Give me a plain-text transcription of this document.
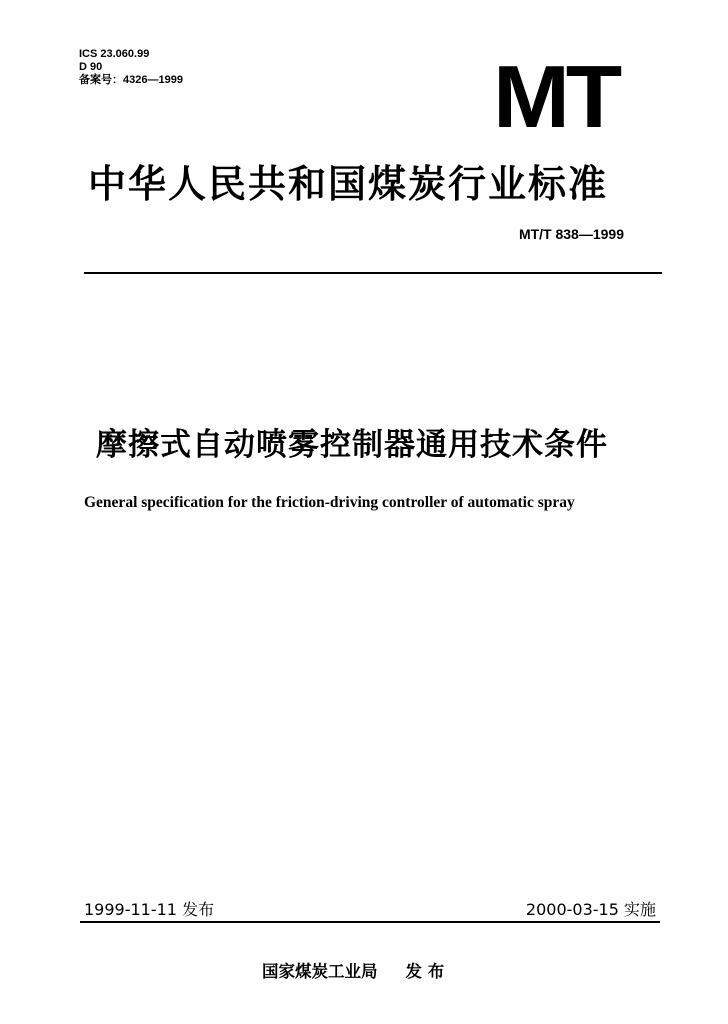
ICS 23.060.99
D 90
备案号：4326—1999	MT
中华人民共和国煤炭行业标准
MT/T 838—1999
摩擦式自动喷雾控制器通用技术条件
General specification for the friction-driving controller of automatic spray
1999-11-11 发布	2000-03-15 实施
国家煤炭工业局 发 布
